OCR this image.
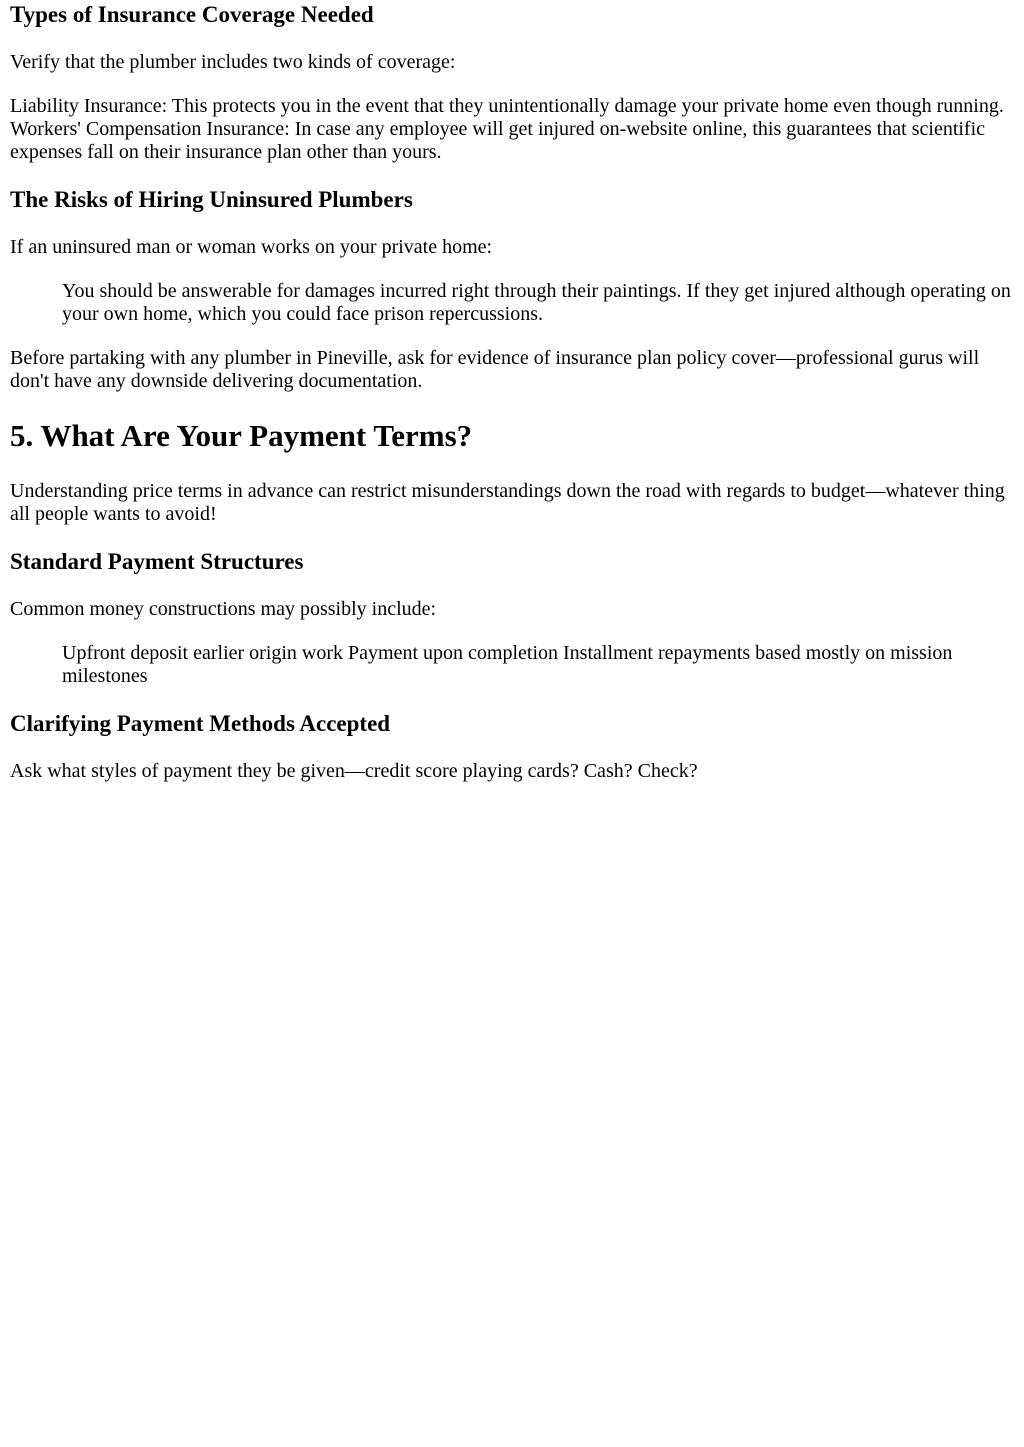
Types of Insurance Coverage Needed

Verify that the plumber includes two kinds of coverage:

Liability Insurance: This protects you in the event that they unintentionally damage your private home even though running. Workers' Compensation Insurance: In case any employee will get injured on-website online, this guarantees that scientific expenses fall on their insurance plan other than yours.

The Risks of Hiring Uninsured Plumbers

If an uninsured man or woman works on your private home:

You should be answerable for damages incurred right through their paintings. If they get injured although operating on your own home, which you could face prison repercussions.

Before partaking with any plumber in Pineville, ask for evidence of insurance plan policy cover—professional gurus will don't have any downside delivering documentation.

5. What Are Your Payment Terms?

Understanding price terms in advance can restrict misunderstandings down the road with regards to budget—whatever thing all people wants to avoid!

Standard Payment Structures

Common money constructions may possibly include:

Upfront deposit earlier origin work Payment upon completion Installment repayments based mostly on mission milestones
Clarifying Payment Methods Accepted

Ask what styles of payment they be given—credit score playing cards? Cash? Check?
